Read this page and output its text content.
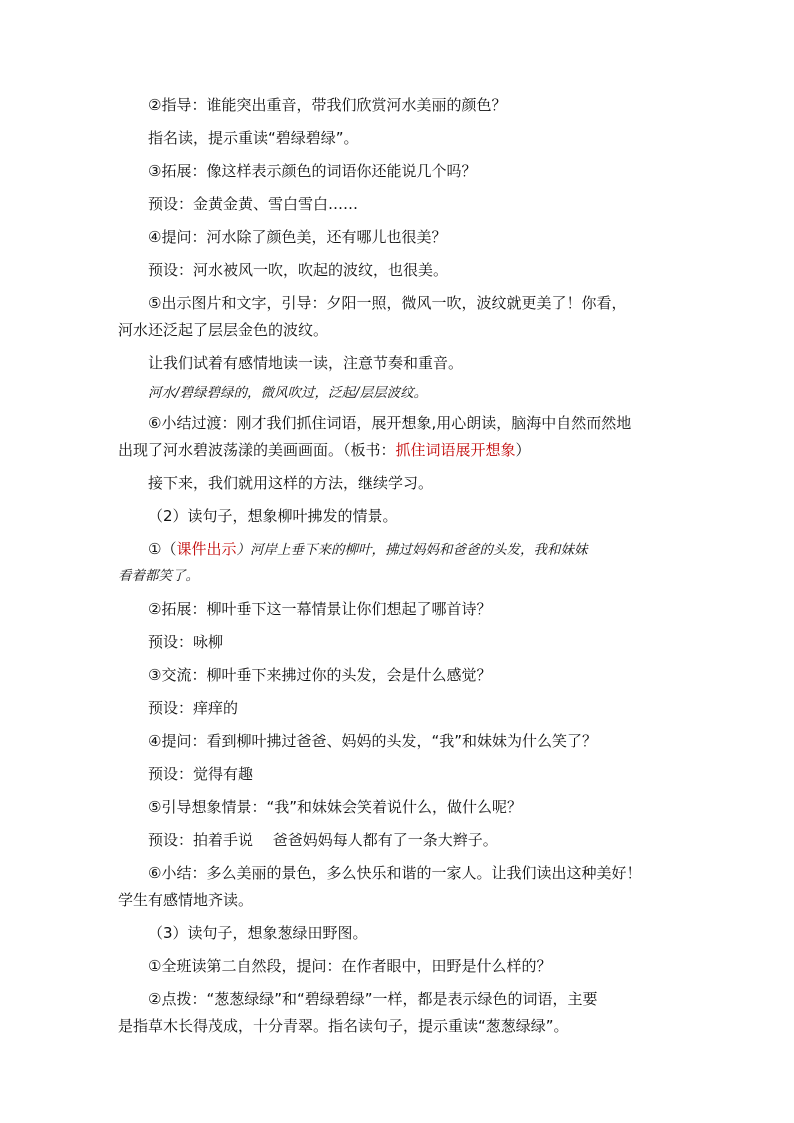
②指导：谁能突出重音，带我们欣赏河水美丽的颜色？
指名读，提示重读“碧绿碧绿”。
③拓展：像这样表示颜色的词语你还能说几个吗？
预设：金黄金黄、雪白雪白……
④提问：河水除了颜色美，还有哪儿也很美？
预设：河水被风一吹，吹起的波纹，也很美。
⑤出示图片和文字，引导：夕阳一照，微风一吹，波纹就更美了！你看，
河水还泛起了层层金色的波纹。
让我们试着有感情地读一读，注意节奏和重音。
河水/碧绿碧绿的，微风吹过，泛起/层层波纹。
⑥小结过渡：刚才我们抓住词语，展开想象,用心朗读，脑海中自然而然地
出现了河水碧波荡漾的美画画面。（板书：抓住词语展开想象）
接下来，我们就用这样的方法，继续学习。
（2）读句子，想象柳叶拂发的情景。
①（课件出示）河岸上垂下来的柳叶，拂过妈妈和爸爸的头发，我和妹妹
看着都笑了。
②拓展：柳叶垂下这一幕情景让你们想起了哪首诗？
预设：咏柳
③交流：柳叶垂下来拂过你的头发，会是什么感觉？
预设：痒痒的
④提问：看到柳叶拂过爸爸、妈妈的头发，“我”和妹妹为什么笑了？
预设：觉得有趣
⑤引导想象情景：“我”和妹妹会笑着说什么，做什么呢？
预设：拍着手说　 爸爸妈妈每人都有了一条大辫子。
⑥小结：多么美丽的景色，多么快乐和谐的一家人。让我们读出这种美好！
学生有感情地齐读。
（3）读句子，想象葱绿田野图。
①全班读第二自然段，提问：在作者眼中，田野是什么样的？
②点拨：“葱葱绿绿”和“碧绿碧绿”一样，都是表示绿色的词语，主要
是指草木长得茂成，十分青翠。指名读句子，提示重读“葱葱绿绿”。
